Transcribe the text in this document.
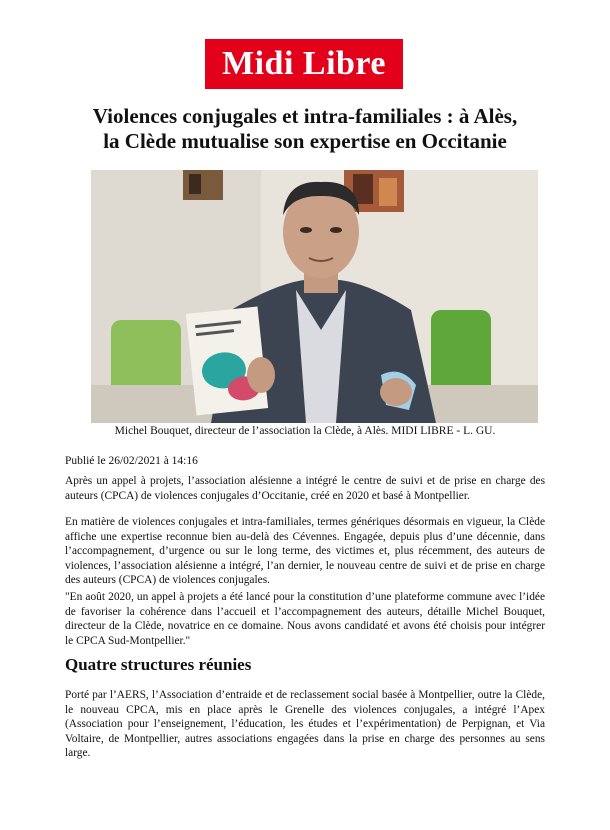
Midi Libre
Violences conjugales et intra-familiales : à Alès,
la Clède mutualise son expertise en Occitanie
Michel Bouquet, directeur de l’association la Clède, à Alès. MIDI LIBRE - L. GU.
Publié le 26/02/2021 à 14:16

Après un appel à projets, l’association alésienne a intégré le centre de suivi et de prise en charge des auteurs (CPCA) de violences conjugales d’Occitanie, créé en 2020 et basé à Montpellier.

En matière de violences conjugales et intra-familiales, termes génériques désormais en vigueur, la Clède affiche une expertise reconnue bien au-delà des Cévennes. Engagée, depuis plus d’une décennie, dans l’accompagnement, d’urgence ou sur le long terme, des victimes et, plus récemment, des auteurs de violences, l’association alésienne a intégré, l’an dernier, le nouveau centre de suivi et de prise en charge des auteurs (CPCA) de violences conjugales.

"En août 2020, un appel à projets a été lancé pour la constitution d’une plateforme commune avec l’idée de favoriser la cohérence dans l’accueil et l’accompagnement des auteurs, détaille Michel Bouquet, directeur de la Clède, novatrice en ce domaine. Nous avons candidaté et avons été choisis pour intégrer le CPCA Sud-Montpellier."

Quatre structures réunies

Porté par l’AERS, l’Association d’entraide et de reclassement social basée à Montpellier, outre la Clède, le nouveau CPCA, mis en place après le Grenelle des violences conjugales, a intégré l’Apex (Association pour l’enseignement, l’éducation, les études et l’expérimentation) de Perpignan, et Via Voltaire, de Montpellier, autres associations engagées dans la prise en charge des personnes au sens large.
